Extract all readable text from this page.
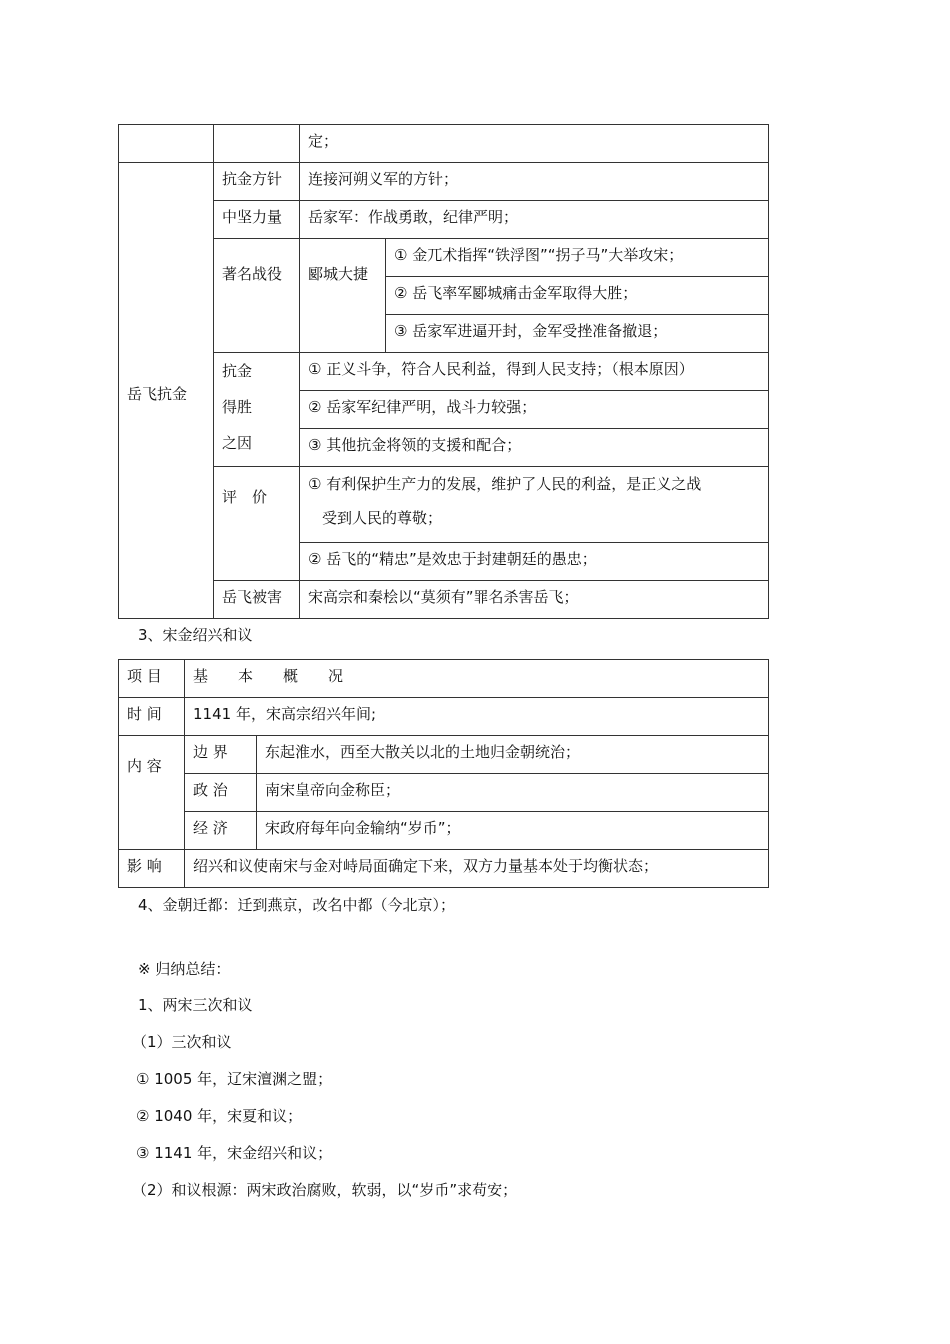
		定；	
岳飞抗金	抗金方针	连接河朔义军的方针；	
	中坚力量	岳家军：作战勇敢，纪律严明；	
	著名战役	郾城大捷	① 金兀术指挥“铁浮图”“拐子马”大举攻宋；
			② 岳飞率军郾城痛击金军取得大胜；
			③ 岳家军进逼开封，金军受挫准备撤退；

	抗金
得胜
之因	① 正义斗争，符合人民利益，得到人民支持；（根本原因）	
		② 岳家军纪律严明，战斗力较强；	
		③ 其他抗金将领的支援和配合；	
	评　价	① 有利保护生产力的发展，维护了人民的利益，是正义之战
受到人民的尊敬；	

		② 岳飞的“精忠”是效忠于封建朝廷的愚忠；	
	岳飞被害	宋高宗和秦桧以“莫须有”罪名杀害岳飞；	
3、宋金绍兴和议
项 目	基　　本　　概　　况	
时 间	1141 年，宋高宗绍兴年间;	
内 容	边 界	东起淮水，西至大散关以北的土地归金朝统治；
	政 治	南宋皇帝向金称臣；
	经 济	宋政府每年向金输纳“岁币”；
影 响	绍兴和议使南宋与金对峙局面确定下来，双方力量基本处于均衡状态；	
4、金朝迁都：迁到燕京，改名中都（今北京）；
※ 归纳总结：
1、两宋三次和议
（1）三次和议
① 1005 年，辽宋澶渊之盟；
② 1040 年，宋夏和议；
③ 1141 年，宋金绍兴和议；
（2）和议根源：两宋政治腐败，软弱，以“岁币”求苟安；
